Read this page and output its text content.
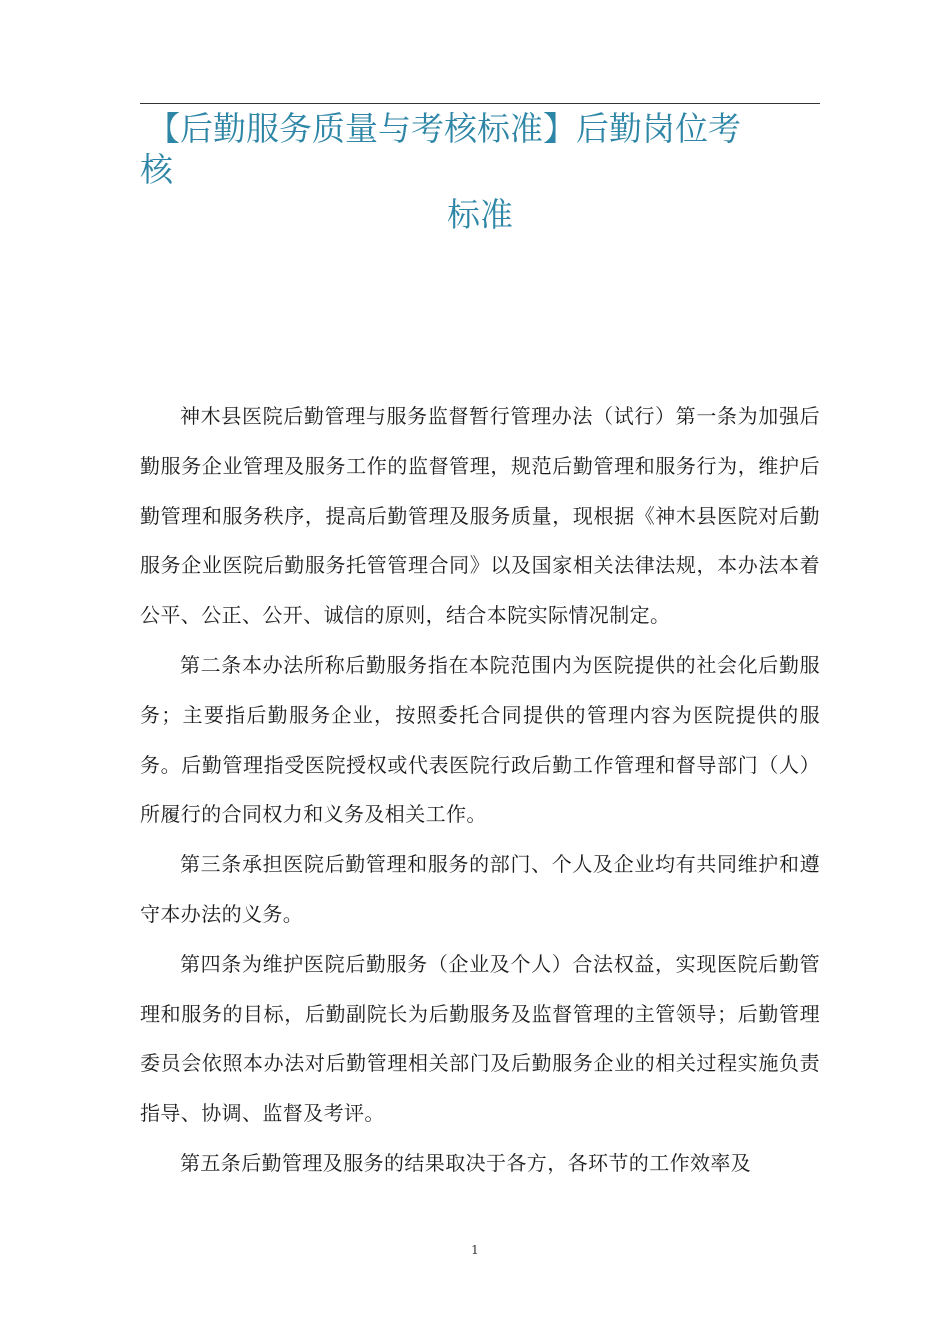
【后勤服务质量与考核标准】后勤岗位考
核
标准

神木县医院后勤管理与服务监督暂行管理办法（试行）第一条为加强后勤服务企业管理及服务工作的监督管理，规范后勤管理和服务行为，维护后勤管理和服务秩序，提高后勤管理及服务质量，现根据《神木县医院对后勤服务企业医院后勤服务托管管理合同》以及国家相关法律法规，本办法本着公平、公正、公开、诚信的原则，结合本院实际情况制定。

第二条本办法所称后勤服务指在本院范围内为医院提供的社会化后勤服务；主要指后勤服务企业，按照委托合同提供的管理内容为医院提供的服务。后勤管理指受医院授权或代表医院行政后勤工作管理和督导部门（人）所履行的合同权力和义务及相关工作。

第三条承担医院后勤管理和服务的部门、个人及企业均有共同维护和遵守本办法的义务。

第四条为维护医院后勤服务（企业及个人）合法权益，实现医院后勤管理和服务的目标，后勤副院长为后勤服务及监督管理的主管领导；后勤管理委员会依照本办法对后勤管理相关部门及后勤服务企业的相关过程实施负责指导、协调、监督及考评。

第五条后勤管理及服务的结果取决于各方，各环节的工作效率及

1
